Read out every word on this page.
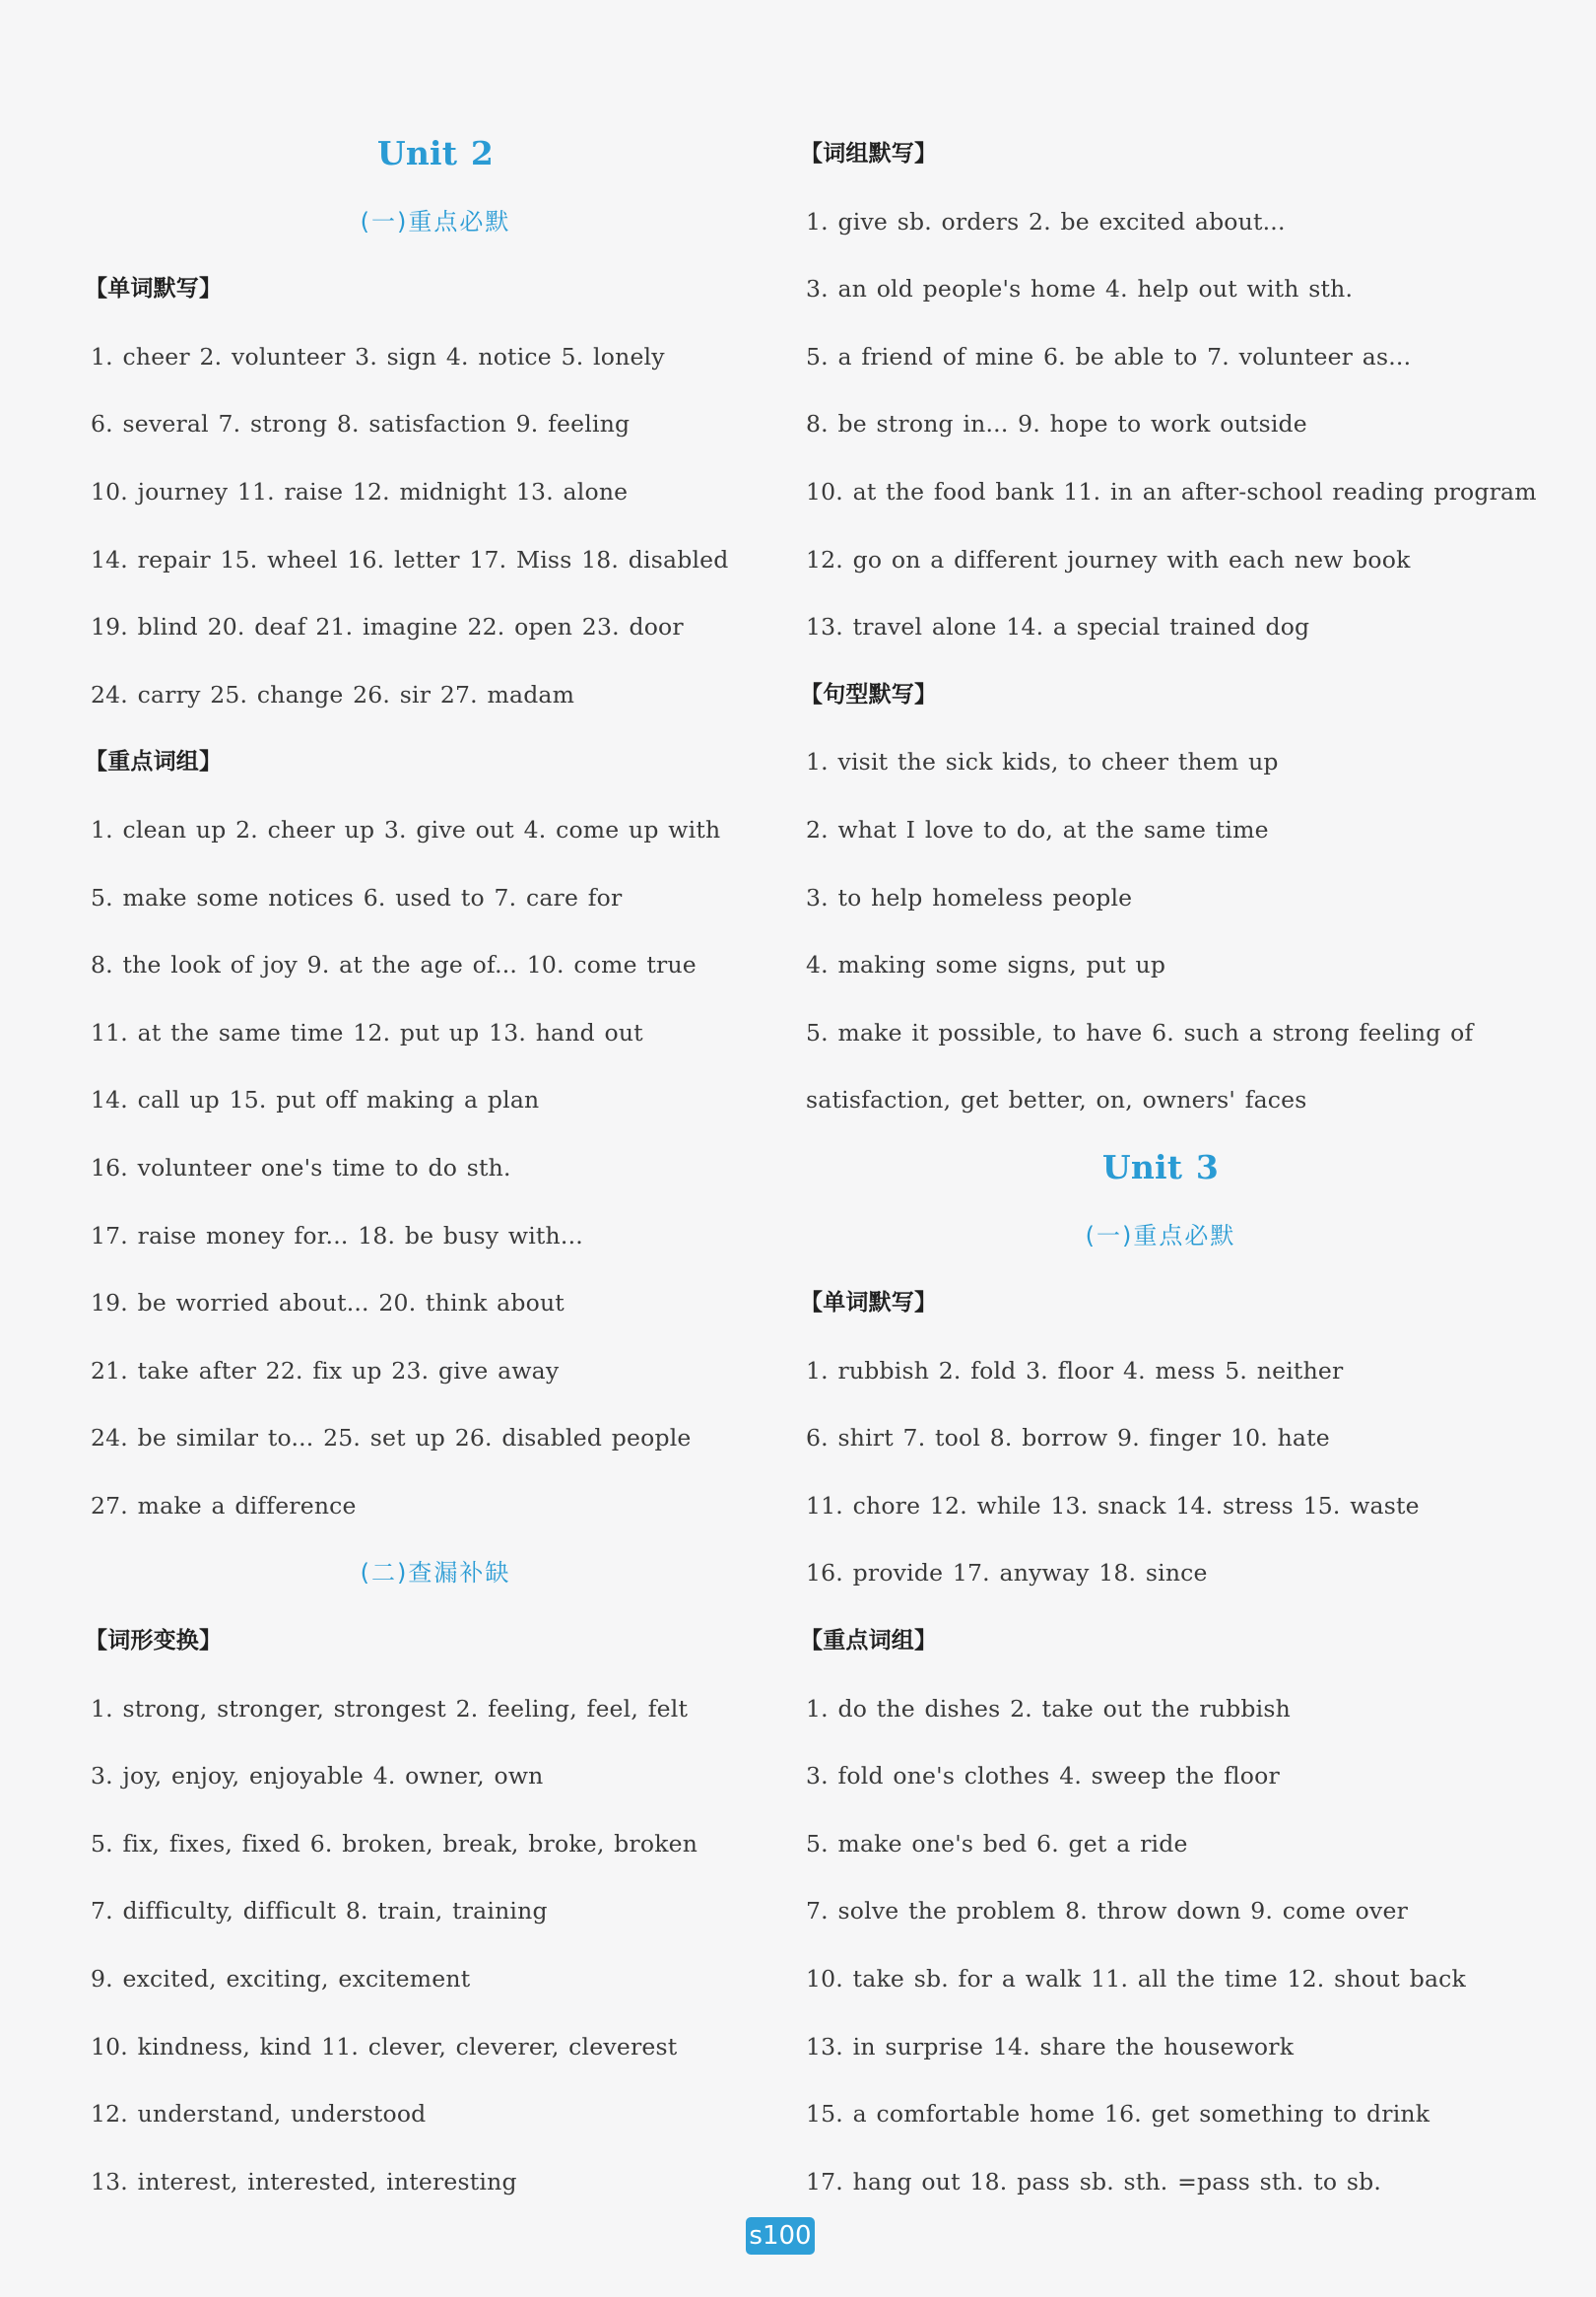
Unit 2
(一)重点必默
【单词默写】
1. cheer 2. volunteer 3. sign 4. notice 5. lonely
6. several 7. strong 8. satisfaction 9. feeling
10. journey 11. raise 12. midnight 13. alone
14. repair 15. wheel 16. letter 17. Miss 18. disabled
19. blind 20. deaf 21. imagine 22. open 23. door
24. carry 25. change 26. sir 27. madam
【重点词组】
1. clean up 2. cheer up 3. give out 4. come up with
5. make some notices 6. used to 7. care for
8. the look of joy 9. at the age of... 10. come true
11. at the same time 12. put up 13. hand out
14. call up 15. put off making a plan
16. volunteer one's time to do sth.
17. raise money for... 18. be busy with...
19. be worried about... 20. think about
21. take after 22. fix up 23. give away
24. be similar to... 25. set up 26. disabled people
27. make a difference
(二)查漏补缺
【词形变换】
1. strong, stronger, strongest 2. feeling, feel, felt
3. joy, enjoy, enjoyable 4. owner, own
5. fix, fixes, fixed 6. broken, break, broke, broken
7. difficulty, difficult 8. train, training
9. excited, exciting, excitement
10. kindness, kind 11. clever, cleverer, cleverest
12. understand, understood
13. interest, interested, interesting
【词组默写】
1. give sb. orders 2. be excited about...
3. an old people's home 4. help out with sth.
5. a friend of mine 6. be able to 7. volunteer as...
8. be strong in... 9. hope to work outside
10. at the food bank 11. in an after-school reading program
12. go on a different journey with each new book
13. travel alone 14. a special trained dog
【句型默写】
1. visit the sick kids, to cheer them up
2. what I love to do, at the same time
3. to help homeless people
4. making some signs, put up
5. make it possible, to have 6. such a strong feeling of
satisfaction, get better, on, owners' faces
Unit 3
(一)重点必默
【单词默写】
1. rubbish 2. fold 3. floor 4. mess 5. neither
6. shirt 7. tool 8. borrow 9. finger 10. hate
11. chore 12. while 13. snack 14. stress 15. waste
16. provide 17. anyway 18. since
【重点词组】
1. do the dishes 2. take out the rubbish
3. fold one's clothes 4. sweep the floor
5. make one's bed 6. get a ride
7. solve the problem 8. throw down 9. come over
10. take sb. for a walk 11. all the time 12. shout back
13. in surprise 14. share the housework
15. a comfortable home 16. get something to drink
17. hang out 18. pass sb. sth. =pass sth. to sb.
s100
